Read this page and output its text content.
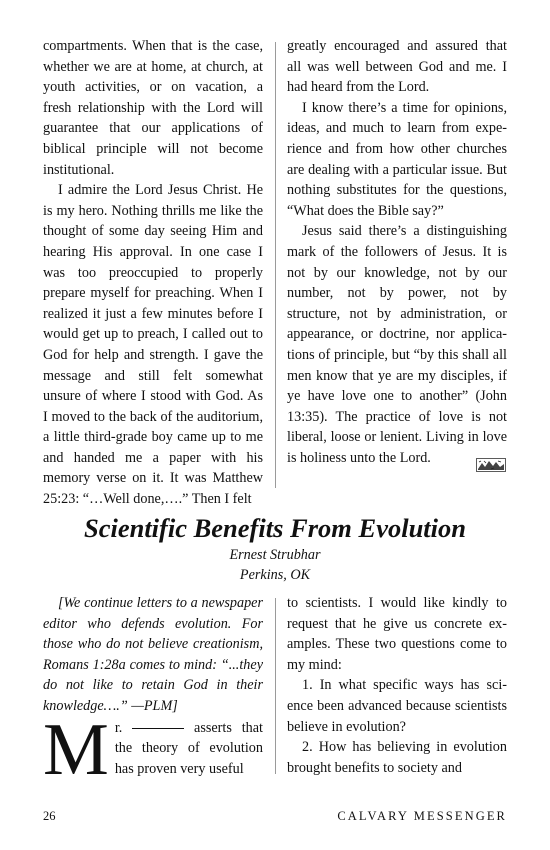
compartments. When that is the case, whether we are at home, at church, at youth activities, or on vacation, a fresh relationship with the Lord will guarantee that our applications of biblical principle will not become institutional.

I admire the Lord Jesus Christ. He is my hero. Nothing thrills me like the thought of some day seeing Him and hearing His approval. In one case I was too preoccupied to properly prepare myself for preaching. When I realized it just a few minutes before I would get up to preach, I called out to God for help and strength. I gave the message and still felt somewhat unsure of where I stood with God. As I moved to the back of the auditorium, a little third-grade boy came up to me and handed me a paper with his memory verse on it. It was Matthew 25:23: “…Well done,….” Then I felt

greatly encouraged and assured that all was well between God and me. I had heard from the Lord.

I know there’s a time for opinions, ideas, and much to learn from experience and from how other churches are dealing with a particular issue. But nothing substitutes for the questions, “What does the Bible say?”

Jesus said there’s a distinguishing mark of the followers of Jesus. It is not by our knowledge, not by our number, not by power, not by structure, not by administration, or appearance, or doctrine, nor applications of principle, but “by this shall all men know that ye are my disciples, if ye have love one to another” (John 13:35). The practice of love is not liberal, loose or lenient. Living in love is holiness unto the Lord.

Scientific Benefits From Evolution
Ernest Strubhar
Perkins, OK

[We continue letters to a newspaper editor who defends evolution. For those who do not believe creationism, Romans 1:28a comes to mind: “...they do not like to retain God in their knowledge….” —PLM]

M r.	asserts that the theory of evolution has proven very useful

to scientists. I would like kindly to request that he give us concrete examples. These two questions come to my mind:

1. In what specific ways has science been advanced because scientists believe in evolution?

2. How has believing in evolution brought benefits to society and

26	CALVARY MESSENGER
